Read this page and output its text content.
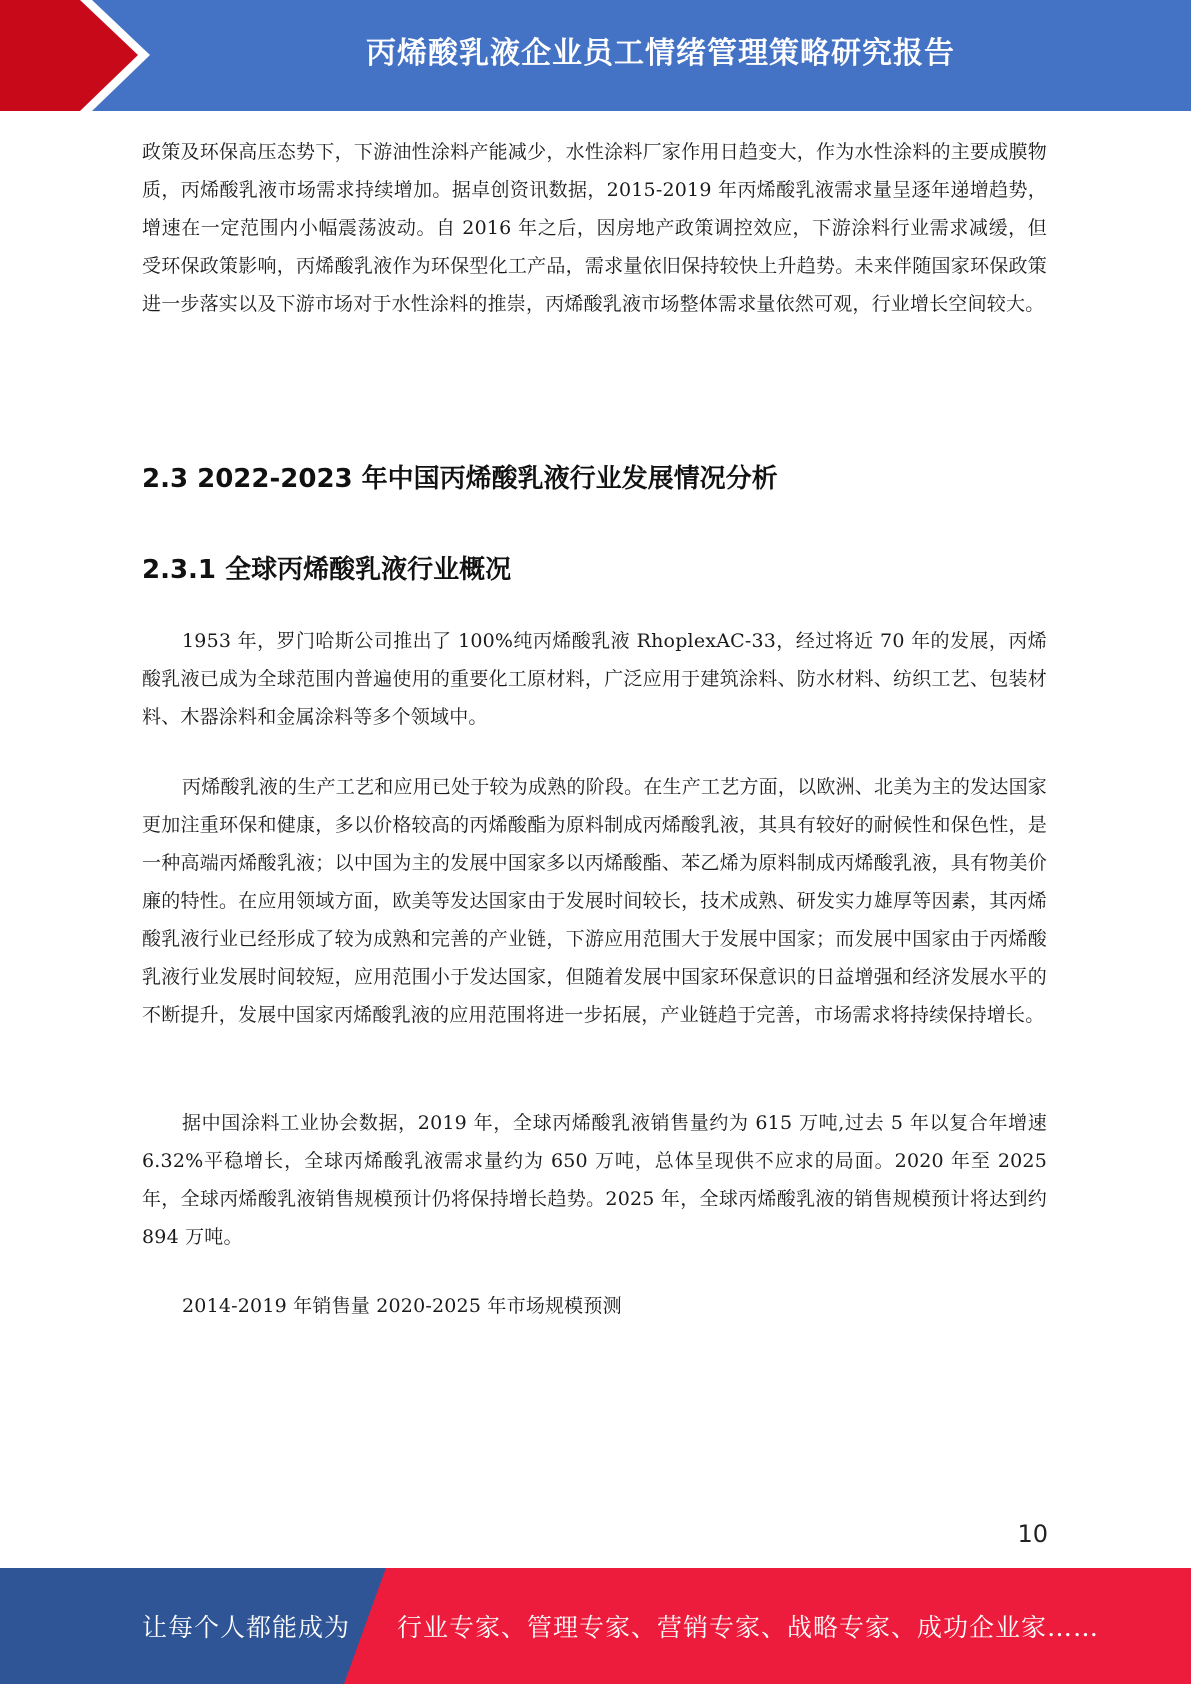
丙烯酸乳液企业员工情绪管理策略研究报告

政策及环保高压态势下，下游油性涂料产能减少，水性涂料厂家作用日趋变大，作为水性涂料的主要成膜物质，丙烯酸乳液市场需求持续增加。据卓创资讯数据，2015-2019 年丙烯酸乳液需求量呈逐年递增趋势，增速在一定范围内小幅震荡波动。自 2016 年之后，因房地产政策调控效应，下游涂料行业需求减缓，但受环保政策影响，丙烯酸乳液作为环保型化工产品，需求量依旧保持较快上升趋势。未来伴随国家环保政策进一步落实以及下游市场对于水性涂料的推崇，丙烯酸乳液市场整体需求量依然可观，行业增长空间较大。

2.3 2022-2023 年中国丙烯酸乳液行业发展情况分析
2.3.1 全球丙烯酸乳液行业概况

1953 年，罗门哈斯公司推出了 100%纯丙烯酸乳液 RhoplexAC-33，经过将近 70 年的发展，丙烯酸乳液已成为全球范围内普遍使用的重要化工原材料，广泛应用于建筑涂料、防水材料、纺织工艺、包装材料、木器涂料和金属涂料等多个领域中。

丙烯酸乳液的生产工艺和应用已处于较为成熟的阶段。在生产工艺方面，以欧洲、北美为主的发达国家更加注重环保和健康，多以价格较高的丙烯酸酯为原料制成丙烯酸乳液，其具有较好的耐候性和保色性，是一种高端丙烯酸乳液；以中国为主的发展中国家多以丙烯酸酯、苯乙烯为原料制成丙烯酸乳液，具有物美价廉的特性。在应用领域方面，欧美等发达国家由于发展时间较长，技术成熟、研发实力雄厚等因素，其丙烯酸乳液行业已经形成了较为成熟和完善的产业链，下游应用范围大于发展中国家；而发展中国家由于丙烯酸乳液行业发展时间较短，应用范围小于发达国家，但随着发展中国家环保意识的日益增强和经济发展水平的不断提升，发展中国家丙烯酸乳液的应用范围将进一步拓展，产业链趋于完善，市场需求将持续保持增长。

据中国涂料工业协会数据，2019 年，全球丙烯酸乳液销售量约为 615 万吨,过去 5 年以复合年增速 6.32%平稳增长，全球丙烯酸乳液需求量约为 650 万吨，总体呈现供不应求的局面。2020 年至 2025 年，全球丙烯酸乳液销售规模预计仍将保持增长趋势。2025 年，全球丙烯酸乳液的销售规模预计将达到约 894 万吨。

2014-2019 年销售量 2020-2025 年市场规模预测

10
让每个人都能成为 行业专家、管理专家、营销专家、战略专家、成功企业家……
